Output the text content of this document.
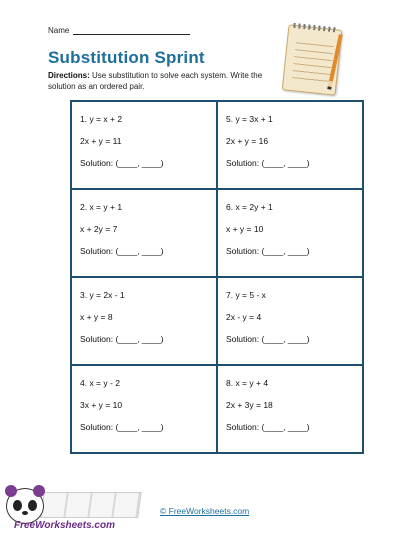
Name
Substitution Sprint
Directions: Use substitution to solve each system. Write the solution as an ordered pair.
1. y = x + 2
2x + y = 11
Solution: (____, ____)
5. y = 3x + 1
2x + y = 16
Solution: (____, ____)
2. x = y + 1
x + 2y = 7
Solution: (____, ____)
6. x = 2y + 1
x + y = 10
Solution: (____, ____)
3. y = 2x - 1
x + y = 8
Solution: (____, ____)
7. y = 5 - x
2x - y = 4
Solution: (____, ____)
4. x = y - 2
3x + y = 10
Solution: (____, ____)
8. x = y + 4
2x + 3y = 18
Solution: (____, ____)
FreeWorksheets.com
© FreeWorksheets.com
